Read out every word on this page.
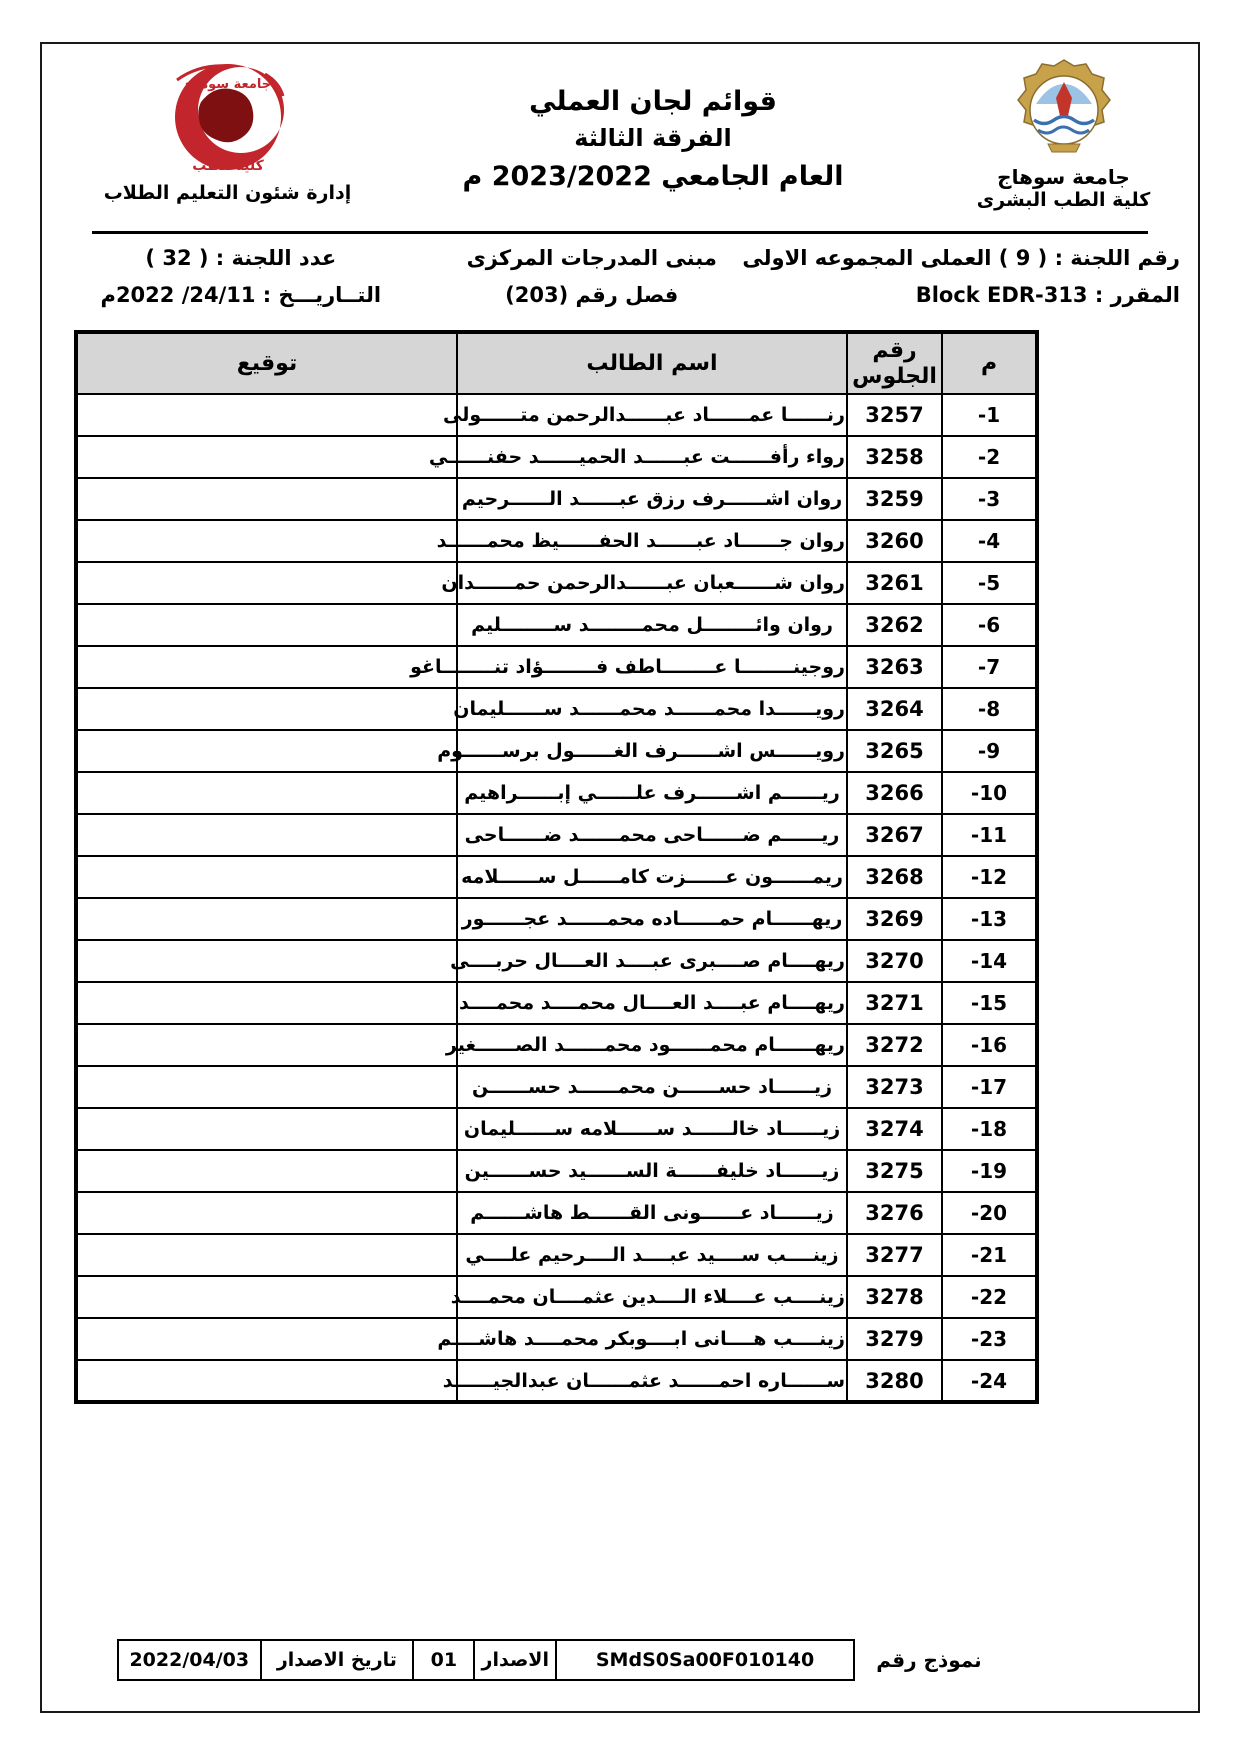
جامعة سوهاج
كلية الطب
إدارة شئون التعليم الطلاب
قوائم لجان العملي
الفرقة الثالثة
العام الجامعي 2023/2022 م	جامعة سوهاج
كلية الطب البشرى
رقم اللجنة : ( 9 ) العملى المجموعه الاولى
المقرر : Block EDR-313
مبنى المدرجات المركزى
فصل رقم (203)
عدد اللجنة : ( 32 )
التــاريـــخ : 24/11/ 2022م
م	رقم الجلوس	اسم الطالب	توقيع
1-	3257	رنــــــا عمــــــاد عبــــــدالرحمن متــــــولى	
2-	3258	رواء رأفــــــت عبــــــد الحميــــــد حفنــــــي	
3-	3259	روان اشــــــرف رزق عبــــــد الــــــرحيم	
4-	3260	روان جــــــاد عبــــــد الحفــــــيظ محمــــــد	
5-	3261	روان شــــــعبان عبــــــدالرحمن حمــــــدان	
6-	3262	روان وائــــــــل محمــــــــد ســــــــليم	
7-	3263	روجينــــــــا عــــــــاطف فــــــــؤاد تنــــــــاغو	
8-	3264	رويــــــدا محمــــــد محمــــــد ســــــليمان	
9-	3265	رويــــــس اشــــــرف الغــــــول برســــــوم	
10-	3266	ريــــــم اشــــــرف علــــــي إبــــــراهيم	
11-	3267	ريــــــم ضــــــاحى محمــــــد ضــــــاحى	
12-	3268	ريمــــــون عــــــزت كامــــــل ســــــلامه	
13-	3269	ريهــــــام حمــــــاده محمــــــد عجــــــور	
14-	3270	ريهــــام صــــبرى عبــــد العــــال حربــــى	
15-	3271	ريهــــام عبــــد العــــال محمــــد محمــــد	
16-	3272	ريهــــــام محمــــــود محمــــــد الصــــــغير	
17-	3273	زيــــــاد حســــــن محمــــــد حســــــن	
18-	3274	زيــــــاد خالــــــد ســــــلامه ســــــليمان	
19-	3275	زيــــــاد خليفــــــة الســــــيد حســــــين	
20-	3276	زيــــــاد عــــــونى القــــــط هاشــــــم	
21-	3277	زينــــب ســــيد عبــــد الــــرحيم علــــي	
22-	3278	زينــــب عــــلاء الــــدين عثمــــان محمــــد	
23-	3279	زينــــب هــــانى ابــــوبكر محمــــد هاشــــم	
24-	3280	ســــــاره احمــــــد عثمــــــان عبدالجيــــــد	
نموذج رقم
SMdS0Sa00F010140	الاصدار	01	تاريخ الاصدار	2022/04/03
